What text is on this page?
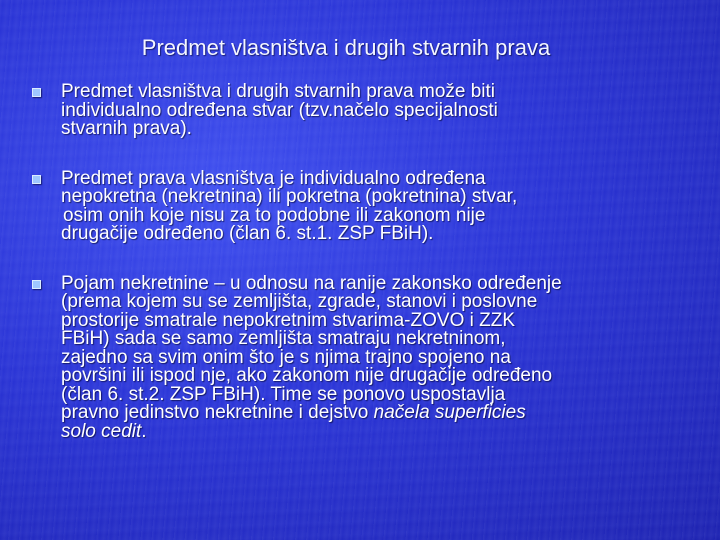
Predmet vlasništva i drugih stvarnih prava
Predmet vlasništva i drugih stvarnih prava može biti
individualno određena stvar (tzv.načelo specijalnosti
stvarnih prava).
Predmet prava vlasništva je individualno određena
nepokretna (nekretnina) ili pokretna (pokretnina) stvar,
osim onih koje nisu za to podobne ili zakonom nije
drugačije određeno (član 6. st.1. ZSP FBiH).
Pojam nekretnine – u odnosu na ranije zakonsko određenje
(prema kojem su se zemljišta, zgrade, stanovi i poslovne
prostorije smatrale nepokretnim stvarima-ZOVO i ZZK
FBiH) sada se samo zemljišta smatraju nekretninom,
zajedno sa svim onim što je s njima trajno spojeno na
površini ili ispod nje, ako zakonom nije drugačije određeno
(član 6. st.2. ZSP FBiH). Time se ponovo uspostavlja
pravno jedinstvo nekretnine i dejstvo načela superficies
solo cedit.
